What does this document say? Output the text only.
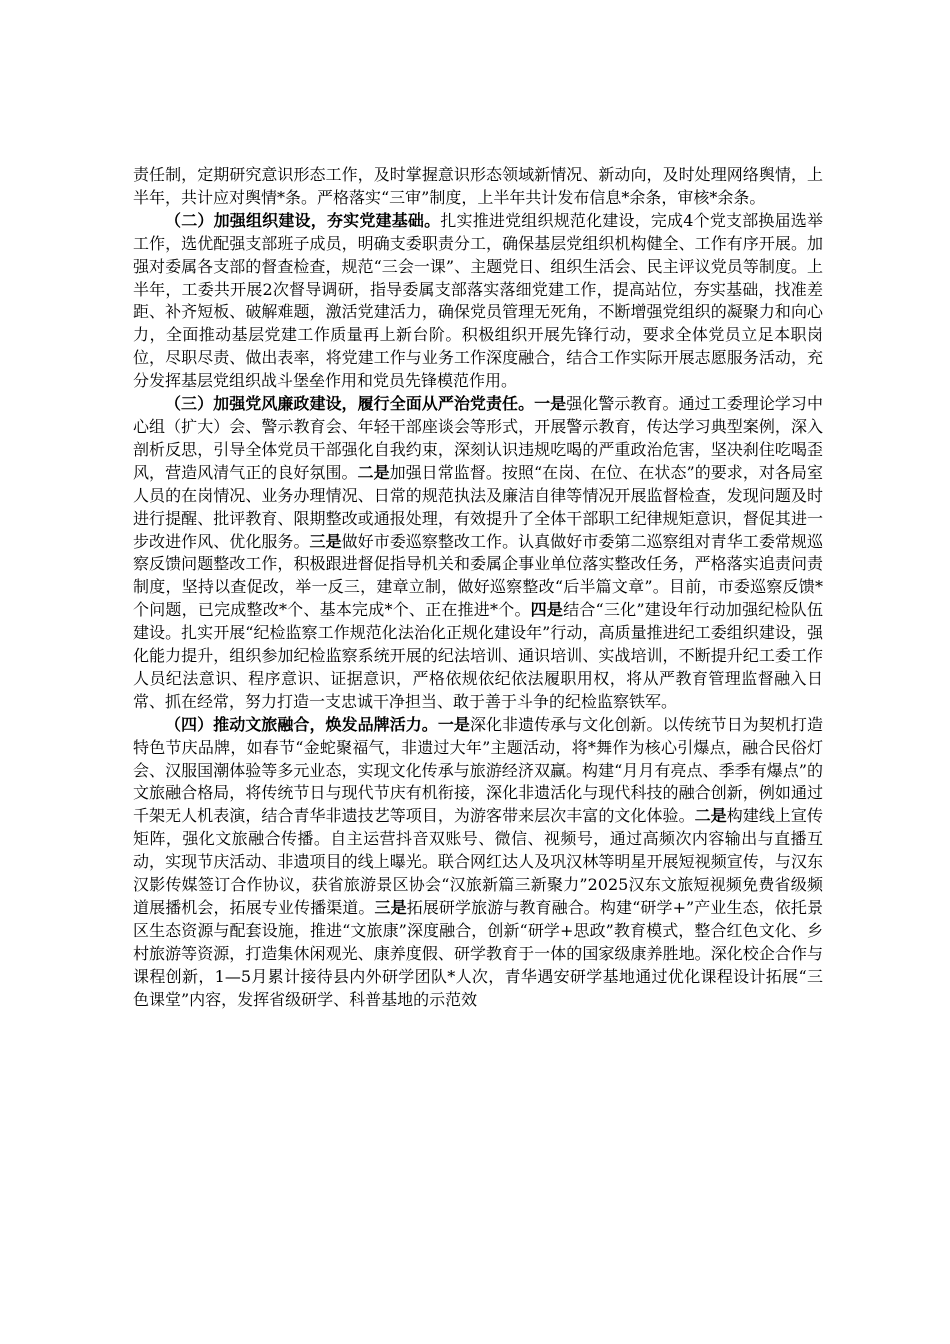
责任制，定期研究意识形态工作，及时掌握意识形态领域新情况、新动向，及时处理网络舆情，上半年，共计应对舆情*条。严格落实“三审”制度，上半年共计发布信息*余条，审核*余条。

（二）加强组织建设，夯实党建基础。扎实推进党组织规范化建设，完成4个党支部换届选举工作，选优配强支部班子成员，明确支委职责分工，确保基层党组织机构健全、工作有序开展。加强对委属各支部的督查检查，规范“三会一课”、主题党日、组织生活会、民主评议党员等制度。上半年，工委共开展2次督导调研，指导委属支部落实落细党建工作，提高站位，夯实基础，找准差距、补齐短板、破解难题，激活党建活力，确保党员管理无死角，不断增强党组织的凝聚力和向心力，全面推动基层党建工作质量再上新台阶。积极组织开展先锋行动，要求全体党员立足本职岗位，尽职尽责、做出表率，将党建工作与业务工作深度融合，结合工作实际开展志愿服务活动，充分发挥基层党组织战斗堡垒作用和党员先锋模范作用。

（三）加强党风廉政建设，履行全面从严治党责任。一是强化警示教育。通过工委理论学习中心组（扩大）会、警示教育会、年轻干部座谈会等形式，开展警示教育，传达学习典型案例，深入剖析反思，引导全体党员干部强化自我约束，深刻认识违规吃喝的严重政治危害，坚决刹住吃喝歪风，营造风清气正的良好氛围。二是加强日常监督。按照“在岗、在位、在状态”的要求，对各局室人员的在岗情况、业务办理情况、日常的规范执法及廉洁自律等情况开展监督检查，发现问题及时进行提醒、批评教育、限期整改或通报处理，有效提升了全体干部职工纪律规矩意识，督促其进一步改进作风、优化服务。三是做好市委巡察整改工作。认真做好市委第二巡察组对青华工委常规巡察反馈问题整改工作，积极跟进督促指导机关和委属企事业单位落实整改任务，严格落实追责问责制度，坚持以查促改，举一反三，建章立制，做好巡察整改“后半篇文章”。目前，市委巡察反馈*个问题，已完成整改*个、基本完成*个、正在推进*个。四是结合“三化”建设年行动加强纪检队伍建设。扎实开展“纪检监察工作规范化法治化正规化建设年”行动，高质量推进纪工委组织建设，强化能力提升，组织参加纪检监察系统开展的纪法培训、通识培训、实战培训，不断提升纪工委工作人员纪法意识、程序意识、证据意识，严格依规依纪依法履职用权，将从严教育管理监督融入日常、抓在经常，努力打造一支忠诚干净担当、敢于善于斗争的纪检监察铁军。

（四）推动文旅融合，焕发品牌活力。一是深化非遗传承与文化创新。以传统节日为契机打造特色节庆品牌，如春节“金蛇聚福气，非遗过大年”主题活动，将*舞作为核心引爆点，融合民俗灯会、汉服国潮体验等多元业态，实现文化传承与旅游经济双赢。构建“月月有亮点、季季有爆点”的文旅融合格局，将传统节日与现代节庆有机衔接，深化非遗活化与现代科技的融合创新，例如通过千架无人机表演，结合青华非遗技艺等项目，为游客带来层次丰富的文化体验。二是构建线上宣传矩阵，强化文旅融合传播。自主运营抖音双账号、微信、视频号，通过高频次内容输出与直播互动，实现节庆活动、非遗项目的线上曝光。联合网红达人及巩汉林等明星开展短视频宣传，与汉东汉影传媒签订合作协议，获省旅游景区协会“汉旅新篇三新聚力”2025汉东文旅短视频免费省级频道展播机会，拓展专业传播渠道。三是拓展研学旅游与教育融合。构建“研学+”产业生态，依托景区生态资源与配套设施，推进“文旅康”深度融合，创新“研学+思政”教育模式，整合红色文化、乡村旅游等资源，打造集休闲观光、康养度假、研学教育于一体的国家级康养胜地。深化校企合作与课程创新，1—5月累计接待县内外研学团队*人次，青华遇安研学基地通过优化课程设计拓展“三色课堂”内容，发挥省级研学、科普基地的示范效
